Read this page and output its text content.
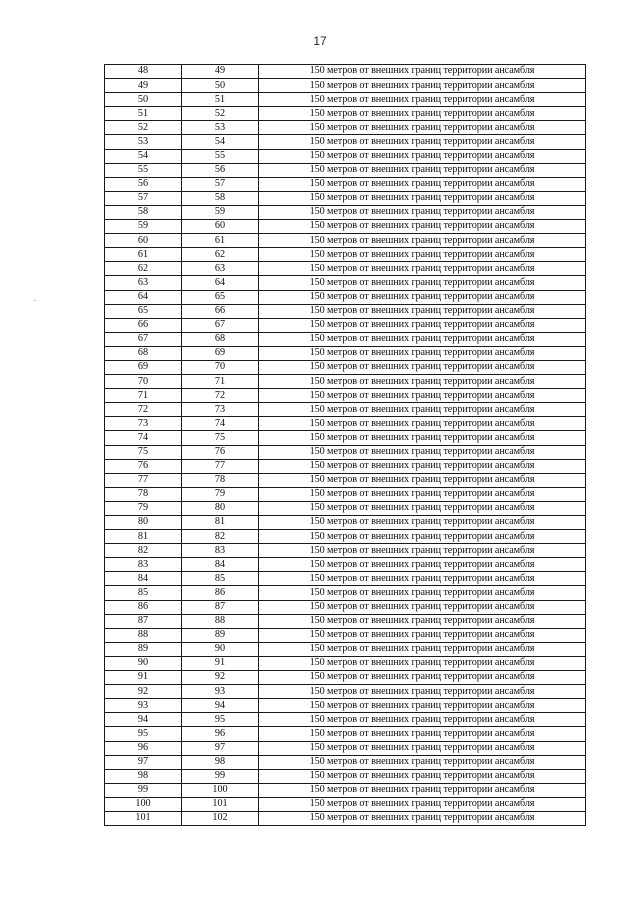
17
48	49	150 метров от внешних границ территории ансамбля
49	50	150 метров от внешних границ территории ансамбля
50	51	150 метров от внешних границ территории ансамбля
51	52	150 метров от внешних границ территории ансамбля
52	53	150 метров от внешних границ территории ансамбля
53	54	150 метров от внешних границ территории ансамбля
54	55	150 метров от внешних границ территории ансамбля
55	56	150 метров от внешних границ территории ансамбля
56	57	150 метров от внешних границ территории ансамбля
57	58	150 метров от внешних границ территории ансамбля
58	59	150 метров от внешних границ территории ансамбля
59	60	150 метров от внешних границ территории ансамбля
60	61	150 метров от внешних границ территории ансамбля
61	62	150 метров от внешних границ территории ансамбля
62	63	150 метров от внешних границ территории ансамбля
63	64	150 метров от внешних границ территории ансамбля
64	65	150 метров от внешних границ территории ансамбля
65	66	150 метров от внешних границ территории ансамбля
66	67	150 метров от внешних границ территории ансамбля
67	68	150 метров от внешних границ территории ансамбля
68	69	150 метров от внешних границ территории ансамбля
69	70	150 метров от внешних границ территории ансамбля
70	71	150 метров от внешних границ территории ансамбля
71	72	150 метров от внешних границ территории ансамбля
72	73	150 метров от внешних границ территории ансамбля
73	74	150 метров от внешних границ территории ансамбля
74	75	150 метров от внешних границ территории ансамбля
75	76	150 метров от внешних границ территории ансамбля
76	77	150 метров от внешних границ территории ансамбля
77	78	150 метров от внешних границ территории ансамбля
78	79	150 метров от внешних границ территории ансамбля
79	80	150 метров от внешних границ территории ансамбля
80	81	150 метров от внешних границ территории ансамбля
81	82	150 метров от внешних границ территории ансамбля
82	83	150 метров от внешних границ территории ансамбля
83	84	150 метров от внешних границ территории ансамбля
84	85	150 метров от внешних границ территории ансамбля
85	86	150 метров от внешних границ территории ансамбля
86	87	150 метров от внешних границ территории ансамбля
87	88	150 метров от внешних границ территории ансамбля
88	89	150 метров от внешних границ территории ансамбля
89	90	150 метров от внешних границ территории ансамбля
90	91	150 метров от внешних границ территории ансамбля
91	92	150 метров от внешних границ территории ансамбля
92	93	150 метров от внешних границ территории ансамбля
93	94	150 метров от внешних границ территории ансамбля
94	95	150 метров от внешних границ территории ансамбля
95	96	150 метров от внешних границ территории ансамбля
96	97	150 метров от внешних границ территории ансамбля
97	98	150 метров от внешних границ территории ансамбля
98	99	150 метров от внешних границ территории ансамбля
99	100	150 метров от внешних границ территории ансамбля
100	101	150 метров от внешних границ территории ансамбля
101	102	150 метров от внешних границ территории ансамбля
